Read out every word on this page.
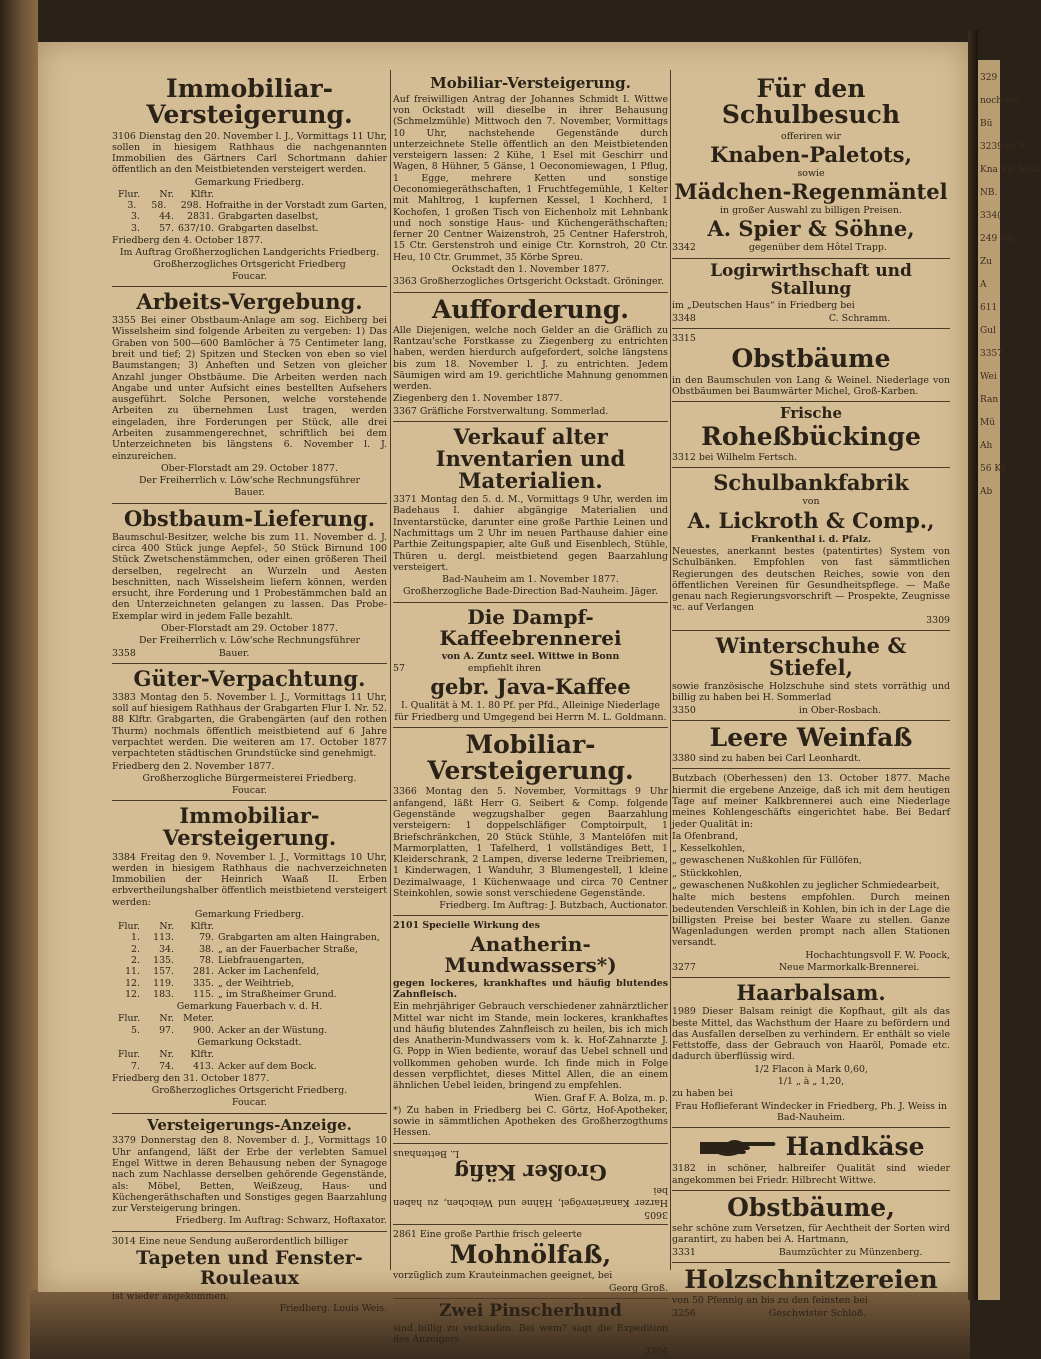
329
noch vis-
Bü
3239 zu F
Kna Fil- beka
NB.
334(
249 wir
Zu
A
611
Gul
3357
Wei
Ran
Mü
Ah
56 Ko
Ab
Immobiliar-Versteigerung.

3106 Dienstag den 20. November l. J., Vormittags 11 Uhr, sollen in hiesigem Rathhaus die nachgenannten Immobilien des Gärtners Carl Schortmann dahier öffentlich an den Meistbietenden versteigert werden.

Gemarkung Friedberg.

Flur.	Nr.	Klftr.
3.	58.	298. Hofraithe in der Vorstadt zum Garten,
3.	44.	2831. Grabgarten daselbst,
3.	57. 637/10. Grabgarten daselbst.

Friedberg den 4. October 1877.

Im Auftrag Großherzoglichen Landgerichts Friedberg. Großherzogliches Ortsgericht Friedberg

Foucar.

Arbeits-Vergebung.

3355 Bei einer Obstbaum-Anlage am sog. Eichberg bei Wisselsheim sind folgende Arbeiten zu vergeben: 1) Das Graben von 500—600 Bamlöcher à 75 Centimeter lang, breit und tief; 2) Spitzen und Stecken von eben so viel Baumstangen; 3) Anheften und Setzen von gleicher Anzahl junger Obstbäume. Die Arbeiten werden nach Angabe und unter Aufsicht eines bestellten Aufsehers ausgeführt. Solche Personen, welche vorstehende Arbeiten zu übernehmen Lust tragen, werden eingeladen, ihre Forderungen per Stück, alle drei Arbeiten zusammengerechnet, schriftlich bei dem Unterzeichneten bis längstens 6. November l. J. einzureichen.

Ober-Florstadt am 29. October 1877.

Der Freiherrlich v. Löw'sche Rechnungsführer

Bauer.

Obstbaum-Lieferung.

Baumschul-Besitzer, welche bis zum 11. November d. J. circa 400 Stück junge Aepfel-, 50 Stück Birnund 100 Stück Zwetschenstämmchen, oder einen größeren Theil derselben, regelrecht an Wurzeln und Aesten beschnitten, nach Wisselsheim liefern können, werden ersucht, ihre Forderung und 1 Probestämmchen bald an den Unterzeichneten gelangen zu lassen. Das Probe-Exemplar wird in jedem Falle bezahlt.

Ober-Florstadt am 29. October 1877.

Der Freiherrlich v. Löw'sche Rechnungsführer

3358	Bauer.

Güter-Verpachtung.

3383 Montag den 5. November l. J., Vormittags 11 Uhr, soll auf hiesigem Rathhaus der Grabgarten Flur I. Nr. 52. 88 Klftr. Grabgarten, die Grabengärten (auf den rothen Thurm) nochmals öffentlich meistbietend auf 6 Jahre verpachtet werden. Die weiteren am 17. October 1877 verpachteten städtischen Grundstücke sind genehmigt.

Friedberg den 2. November 1877.

Großherzogliche Bürgermeisterei Friedberg.

Foucar.

Immobiliar-Versteigerung.

3384 Freitag den 9. November l. J., Vormittags 10 Uhr, werden in hiesigem Rathhaus die nachverzeichneten Immobilien der Heinrich Waaß II. Erben erbvertheilungshalber öffentlich meistbietend versteigert werden:

Gemarkung Friedberg.

Flur.	Nr.	Klftr.
1.	113.	79. Grabgarten am alten Haingraben,
2.	34.	38. „ an der Fauerbacher Straße,
2.	135.	78. Liebfrauengarten,
11.	157.	281. Acker im Lachenfeld,
12.	119.	335. „ der Weihtrieb,
12.	183.	115. „ im Straßheimer Grund.

Gemarkung Fauerbach v. d. H.

Flur.	Nr. Meter.
5.	97.	900. Acker an der Wüstung.

Gemarkung Ockstadt.

Flur.	Nr.	Klftr.
7.	74.	413. Acker auf dem Bock.

Friedberg den 31. October 1877.

Großherzogliches Ortsgericht Friedberg.

Foucar.

Versteigerungs-Anzeige.

3379 Donnerstag den 8. November d. J., Vormittags 10 Uhr anfangend, läßt der Erbe der verlebten Samuel Engel Wittwe in deren Behausung neben der Synagoge nach zum Nachlasse derselben gehörende Gegenstände, als: Möbel, Betten, Weißzeug, Haus- und Küchengeräthschaften und Sonstiges gegen Baarzahlung zur Versteigerung bringen.

Friedberg. Im Auftrag: Schwarz, Hoftaxator.

3014 Eine neue Sendung außerordentlich billiger

Tapeten und Fenster-Rouleaux

ist wieder angekommen.

Friedberg. Louis Weis.

Mobiliar-Versteigerung.

Auf freiwilligen Antrag der Johannes Schmidt I. Wittwe von Ockstadt will dieselbe in ihrer Behausung (Schmelzmühle) Mittwoch den 7. November, Vormittags 10 Uhr, nachstehende Gegenstände durch unterzeichnete Stelle öffentlich an den Meistbietenden versteigern lassen: 2 Kühe, 1 Esel mit Geschirr und Wagen, 8 Hühner, 5 Gänse, 1 Oeconomiewagen, 1 Pflug, 1 Egge, mehrere Ketten und sonstige Oeconomiegeräthschaften, 1 Fruchtfegemühle, 1 Kelter mit Mahltrog, 1 kupfernen Kessel, 1 Kochherd, 1 Kochofen, 1 großen Tisch von Eichenholz mit Lehnbank und noch sonstige Haus- und Küchengeräthschaften; ferner 20 Centner Waizenstroh, 25 Centner Haferstroh, 15 Ctr. Gerstenstroh und einige Ctr. Kornstroh, 20 Ctr. Heu, 10 Ctr. Grummet, 35 Körbe Spreu.

Ockstadt den 1. November 1877.

3363 Großherzogliches Ortsgericht Ockstadt. Gröninger.

Aufforderung.

Alle Diejenigen, welche noch Gelder an die Gräflich zu Rantzau'sche Forstkasse zu Ziegenberg zu entrichten haben, werden hierdurch aufgefordert, solche längstens bis zum 18. November l. J. zu entrichten. Jedem Säumigen wird am 19. gerichtliche Mahnung genommen werden.

Ziegenberg den 1. November 1877.

3367 Gräfliche Forstverwaltung. Sommerlad.

Verkauf alter Inventarien und Materialien.

3371 Montag den 5. d. M., Vormittags 9 Uhr, werden im Badehaus I. dahier abgängige Materialien und Inventarstücke, darunter eine große Parthie Leinen und Nachmittags um 2 Uhr im neuen Parthause dahier eine Parthie Zeitungspapier, alte Guß und Eisenblech, Stühle, Thüren u. dergl. meistbietend gegen Baarzahlung versteigert.

Bad-Nauheim am 1. November 1877.

Großherzogliche Bade-Direction Bad-Nauheim. Jäger.

Die Dampf-Kaffeebrennerei

von A. Zuntz seel. Wittwe in Bonn

57	empfiehlt ihren

gebr. Java-Kaffee

I. Qualität à M. 1. 80 Pf. per Pfd., Alleinige Niederlage für Friedberg und Umgegend bei Herrn M. L. Goldmann.

Mobiliar-Versteigerung.

3366 Montag den 5. November, Vormittags 9 Uhr anfangend, läßt Herr G. Seibert & Comp. folgende Gegenstände wegzugshalber gegen Baarzahlung versteigern: 1 doppelschläfiger Comptoirpult, 1 Briefschränkchen, 20 Stück Stühle, 3 Mantelöfen mit Marmorplatten, 1 Tafelherd, 1 vollständiges Bett, 1 Kleiderschrank, 2 Lampen, diverse lederne Treibriemen, 1 Kinderwagen, 1 Wanduhr, 3 Blumengestell, 1 kleine Dezimalwaage, 1 Küchenwaage und circa 70 Centner Steinkohlen, sowie sonst verschiedene Gegenstände.

Friedberg. Im Auftrag: J. Butzbach, Auctionator.

2101 Specielle Wirkung des

Anatherin-Mundwassers*)

gegen lockeres, krankhaftes und häufig blutendes Zahnfleisch.

Ein mehrjähriger Gebrauch verschiedener zahnärztlicher Mittel war nicht im Stande, mein lockeres, krankhaftes und häufig blutendes Zahnfleisch zu heilen, bis ich mich des Anatherin-Mundwassers vom k. k. Hof-Zahnarzte J. G. Popp in Wien bediente, worauf das Uebel schnell und vollkommen gehoben wurde. Ich finde mich in Folge dessen verpflichtet, dieses Mittel Allen, die an einem ähnlichen Uebel leiden, bringend zu empfehlen.

Wien. Graf F. A. Bolza, m. p.

*) Zu haben in Friedberg bei C. Görtz, Hof-Apotheker, sowie in sämmtlichen Apotheken des Großherzogthums Hessen.

3605

Harzer Kanarienvögel, Hähne und Weibchen, zu haben bei

Großer Käfig

L. Bettenhaus

2861 Eine große Parthie frisch geleerte

Mohnölfaß,

vorzüglich zum Krauteinmachen geeignet, bei

Georg Groß.

Zwei Pinscherhund

sind billig zu verkaufen. Bei wem? sagt die Expedition des Anzeigers.

3364

Für den Schulbesuch

offeriren wir

Knaben-Paletots,

sowie

Mädchen-Regenmäntel

in großer Auswahl zu billigen Preisen.

A. Spier & Söhne,

3342	gegenüber dem Hôtel Trapp.

Logirwirthschaft und Stallung

im „Deutschen Haus“ in Friedberg bei

3348	C. Schramm.

3315

Obstbäume

in den Baumschulen von Lang & Weinel. Niederlage von Obstbäumen bei Baumwärter Michel, Groß-Karben.

Frische
Roheßbückinge

3312 bei Wilhelm Fertsch.

Schulbankfabrik

von

A. Lickroth & Comp.,

Frankenthal i. d. Pfalz.

Neuestes, anerkannt bestes (patentirtes) System von Schulbänken. Empfohlen von fast sämmtlichen Regierungen des deutschen Reiches, sowie von den öffentlichen Vereinen für Gesundheitspflege. — Maße genau nach Regierungsvorschrift — Prospekte, Zeugnisse ꝛc. auf Verlangen

3309

Winterschuhe & Stiefel,

sowie französische Holzschuhe sind stets vorräthig und billig zu haben bei H. Sommerlad

3350	in Ober-Rosbach.

Leere Weinfaß

3380 sind zu haben bei Carl Leonhardt.

Butzbach (Oberhessen) den 13. October 1877. Mache hiermit die ergebene Anzeige, daß ich mit dem heutigen Tage auf meiner Kalkbrennerei auch eine Niederlage meines Kohlengeschäfts eingerichtet habe. Bei Bedarf jeder Qualität in:

Ia Ofenbrand,

„ Kesselkohlen,

„ gewaschenen Nußkohlen für Füllöfen,

„ Stückkohlen,

„ gewaschenen Nußkohlen zu jeglicher Schmiedearbeit,

halte mich bestens empfohlen. Durch meinen bedeutenden Verschleiß in Kohlen, bin ich in der Lage die billigsten Preise bei bester Waare zu stellen. Ganze Wagenladungen werden prompt nach allen Stationen versandt.

Hochachtungsvoll F. W. Poock,

3277	Neue Marmorkalk-Brennerei.

Haarbalsam.

1989 Dieser Balsam reinigt die Kopfhaut, gilt als das beste Mittel, das Wachsthum der Haare zu befördern und das Ausfallen derselben zu verhindern. Er enthält so viele Fettstoffe, dass der Gebrauch von Haaröl, Pomade etc. dadurch überflüssig wird.

1/2 Flacon à Mark 0,60,

1/1 „ à „ 1,20,

zu haben bei

Frau Hoflieferant Windecker in Friedberg, Ph. J. Weiss in Bad-Nauheim.

Handkäse

3182 in schöner, halbreifer Qualität sind wieder angekommen bei Friedr. Hilbrecht Wittwe.

Obstbäume,

sehr schöne zum Versetzen, für Aechtheit der Sorten wird garantirt, zu haben bei A. Hartmann,

3331	Baumzüchter zu Münzenberg.

Holzschnitzereien

von 50 Pfennig an bis zu den feinsten bei

3256	Geschwister Schloß.
